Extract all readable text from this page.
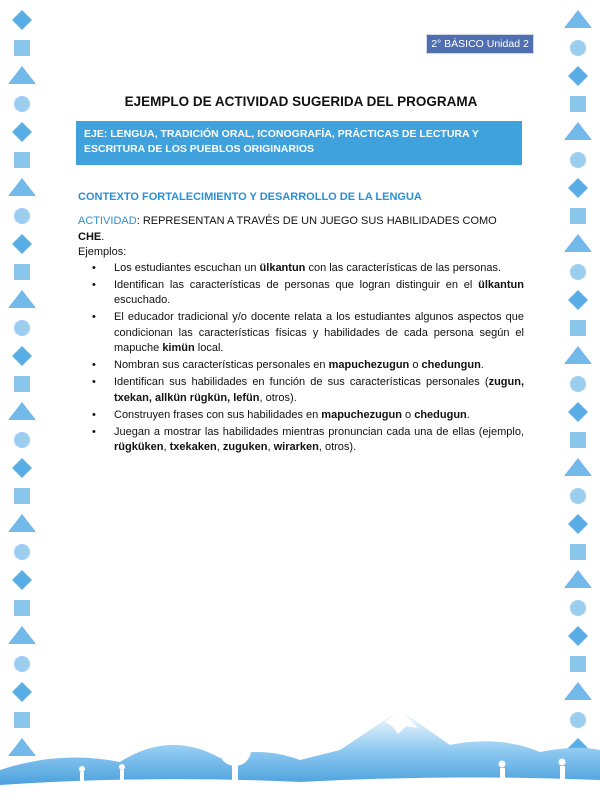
2° BÁSICO Unidad 2
EJEMPLO DE ACTIVIDAD SUGERIDA DEL PROGRAMA
EJE: LENGUA, TRADICIÓN ORAL, ICONOGRAFÍA, PRÁCTICAS DE LECTURA Y ESCRITURA DE LOS PUEBLOS ORIGINARIOS
CONTEXTO FORTALECIMIENTO Y DESARROLLO DE LA LENGUA
ACTIVIDAD: REPRESENTAN A TRAVÉS DE UN JUEGO SUS HABILIDADES COMO CHE.
Ejemplos:
• Los estudiantes escuchan un ülkantun con las características de las personas.
• Identifican las características de personas que logran distinguir en el ülkantun escuchado.
• El educador tradicional y/o docente relata a los estudiantes algunos aspectos que condicionan las características físicas y habilidades de cada persona según el mapuche kimün local.
• Nombran sus características personales en mapuchezugun o chedungun.
• Identifican sus habilidades en función de sus características personales (zugun, txekan, allkün rügkün, lefün, otros).
• Construyen frases con sus habilidades en mapuchezugun o chedugun.
• Juegan a mostrar las habilidades mientras pronuncian cada una de ellas (ejemplo, rügküken, txekaken, zuguken, wirarken, otros).
